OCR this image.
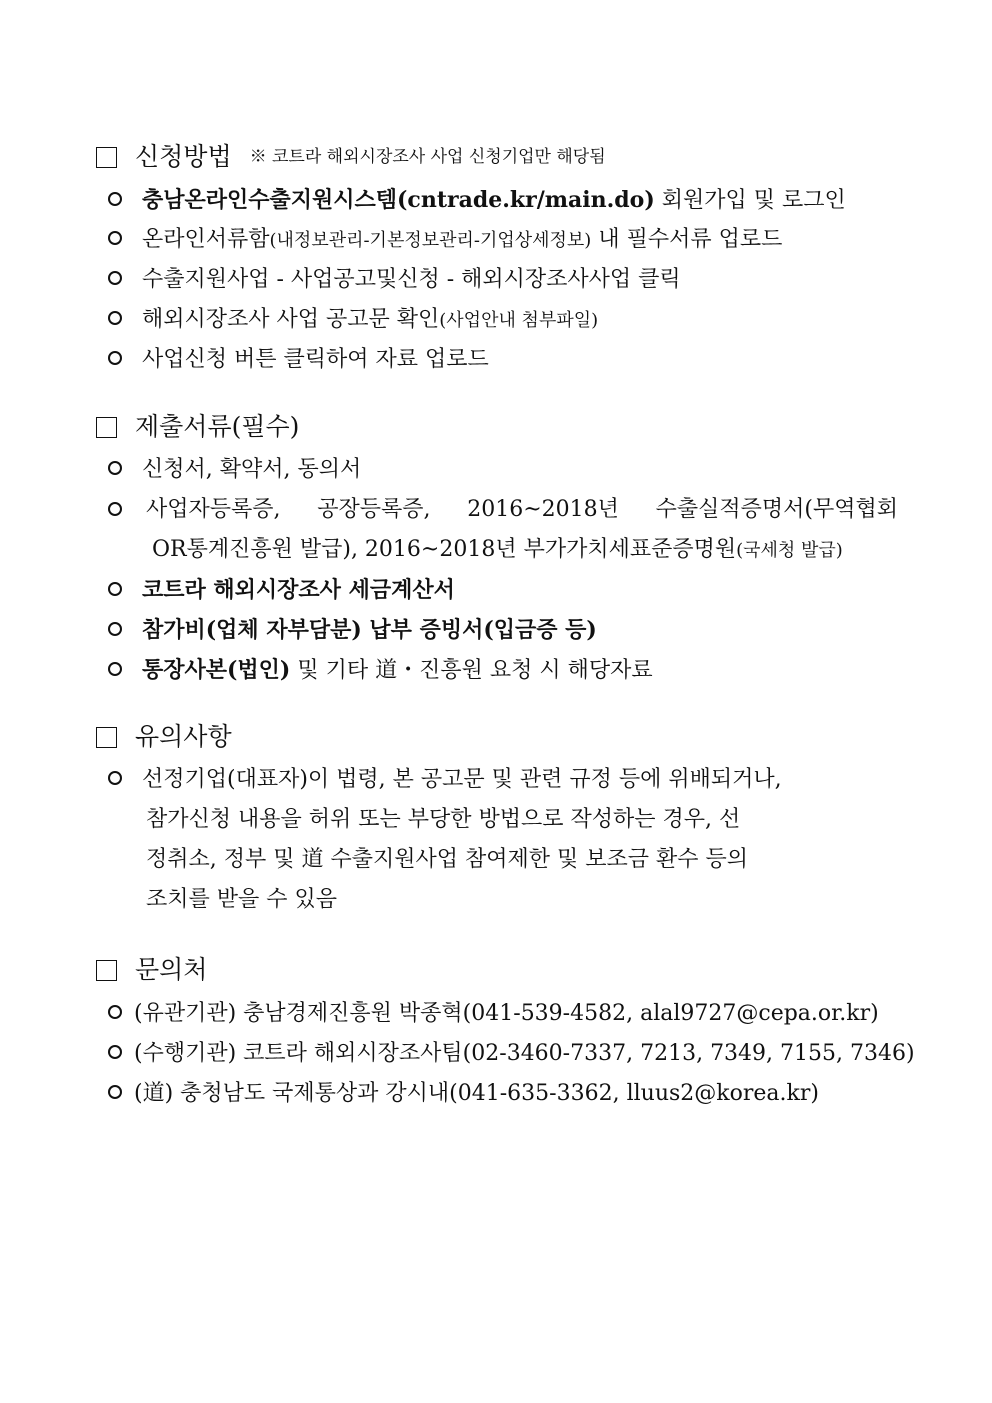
신청방법 ※ 코트라 해외시장조사 사업 신청기업만 해당됨
충남온라인수출지원시스템(cntrade.kr/main.do) 회원가입 및 로그인
온라인서류함(내정보관리-기본정보관리-기업상세정보) 내 필수서류 업로드
수출지원사업 - 사업공고및신청 - 해외시장조사사업 클릭
해외시장조사 사업 공고문 확인(사업안내 첨부파일)
사업신청 버튼 클릭하여 자료 업로드
제출서류(필수)
신청서, 확약서, 동의서
사업자등록증, 공장등록증, 2016~2018년 수출실적증명서(무역협회
OR통계진흥원 발급), 2016~2018년 부가가치세표준증명원(국세청 발급)
코트라 해외시장조사 세금계산서
참가비(업체 자부담분) 납부 증빙서(입금증 등)
통장사본(법인) 및 기타 道・진흥원 요청 시 해당자료
유의사항
선정기업(대표자)이 법령, 본 공고문 및 관련 규정 등에 위배되거나,
참가신청 내용을 허위 또는 부당한 방법으로 작성하는 경우, 선
정취소, 정부 및 道 수출지원사업 참여제한 및 보조금 환수 등의
조치를 받을 수 있음
문의처
(유관기관) 충남경제진흥원 박종혁(041-539-4582, alal9727@cepa.or.kr)
(수행기관) 코트라 해외시장조사팀(02-3460-7337, 7213, 7349, 7155, 7346)
(道) 충청남도 국제통상과 강시내(041-635-3362, lluus2@korea.kr)
